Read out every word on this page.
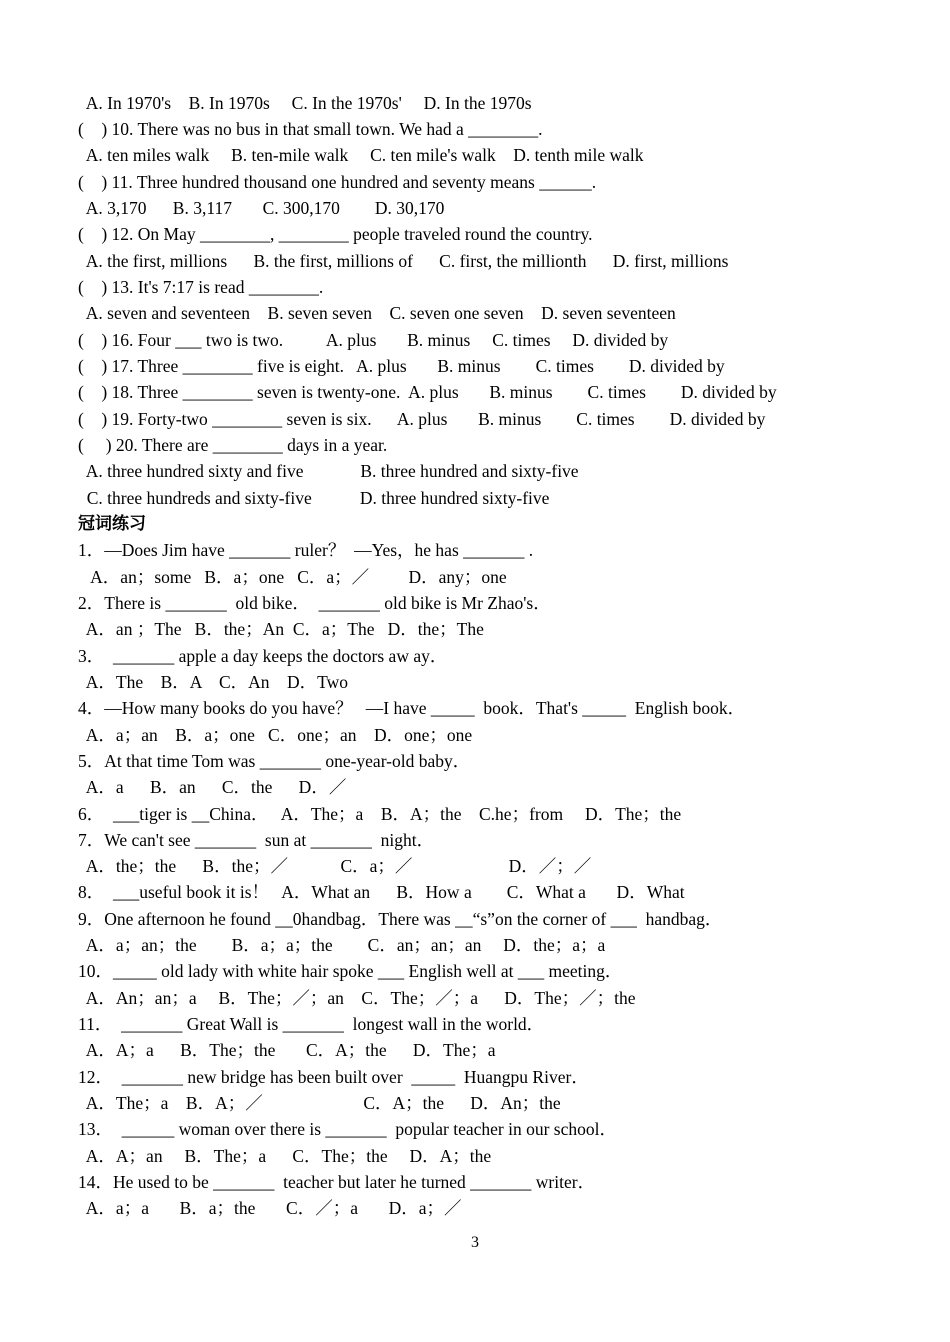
A. In 1970's    B. In 1970s     C. In the 1970s'     D. In the 1970s
(    ) 10. There was no bus in that small town. We had a ________.
A. ten miles walk     B. ten-mile walk     C. ten mile's walk    D. tenth mile walk
(    ) 11. Three hundred thousand one hundred and seventy means ______.
A. 3,170      B. 3,117       C. 300,170        D. 30,170
(    ) 12. On May ________, ________ people traveled round the country.
A. the first, millions      B. the first, millions of      C. first, the millionth      D. first, millions
(    ) 13. It's 7:17 is read ________.
A. seven and seventeen    B. seven seven    C. seven one seven    D. seven seventeen
(    ) 16. Four ___ two is two.          A. plus       B. minus     C. times     D. divided by
(    ) 17. Three ________ five is eight.   A. plus       B. minus        C. times        D. divided by
(    ) 18. Three ________ seven is twenty-one.  A. plus       B. minus        C. times        D. divided by
(    ) 19. Forty-two ________ seven is six.      A. plus       B. minus        C. times        D. divided by
(     ) 20. There are ________ days in a year.
A. three hundred sixty and five             B. three hundred and sixty-five
C. three hundreds and sixty-five           D. three hundred sixty-five
冠词练习
1．—Does Jim have _______ ruler？  —Yes，he has _______ .
A．an；some   B．a；one   C．a；／         D．any；one
2．There is _______  old bike．  _______ old bike is Mr Zhao's．
A．an ；The   B．the；An  C．a；The   D．the；The
3．  _______ apple a day keeps the doctors aw ay．
A．The    B．A    C．An    D．Two
4．—How many books do you have？   —I have _____  book．That's _____  English book．
A．a；an    B．a；one   C．one；an    D．one；one
5．At that time Tom was _______ one-year-old baby．
A．a      B．an      C．the      D．／
6．  ___tiger is __China．   A．The；a    B．A；the    C.he；from     D．The；the
7．We can't see _______  sun at _______  night．
A．the；the      B．the；／            C．a；／                      D．／；／
8．  ___useful book it is！   A．What an      B．How a        C．What a       D．What
9．One afternoon he found __0handbag．There was __“s”on the corner of ___  handbag．
A．a；an；the        B．a；a；the        C．an；an；an     D．the；a；a
10．_____ old lady with white hair spoke ___ English well at ___ meeting．
A．An；an；a     B．The；／；an    C．The；／；a      D．The；／；the
11．  _______ Great Wall is _______  longest wall in the world．
A．A；a      B．The；the       C．A；the      D．The；a
12．  _______ new bridge has been built over  _____  Huangpu River．
A．The；a    B．A；／                       C．A；the      D．An；the
13．  ______ woman over there is _______  popular teacher in our school．
A．A；an     B．The；a      C．The；the     D．A；the
14．He used to be _______  teacher but later he turned _______ writer．
A．a；a       B．a；the       C．／；a       D．a；／
3
